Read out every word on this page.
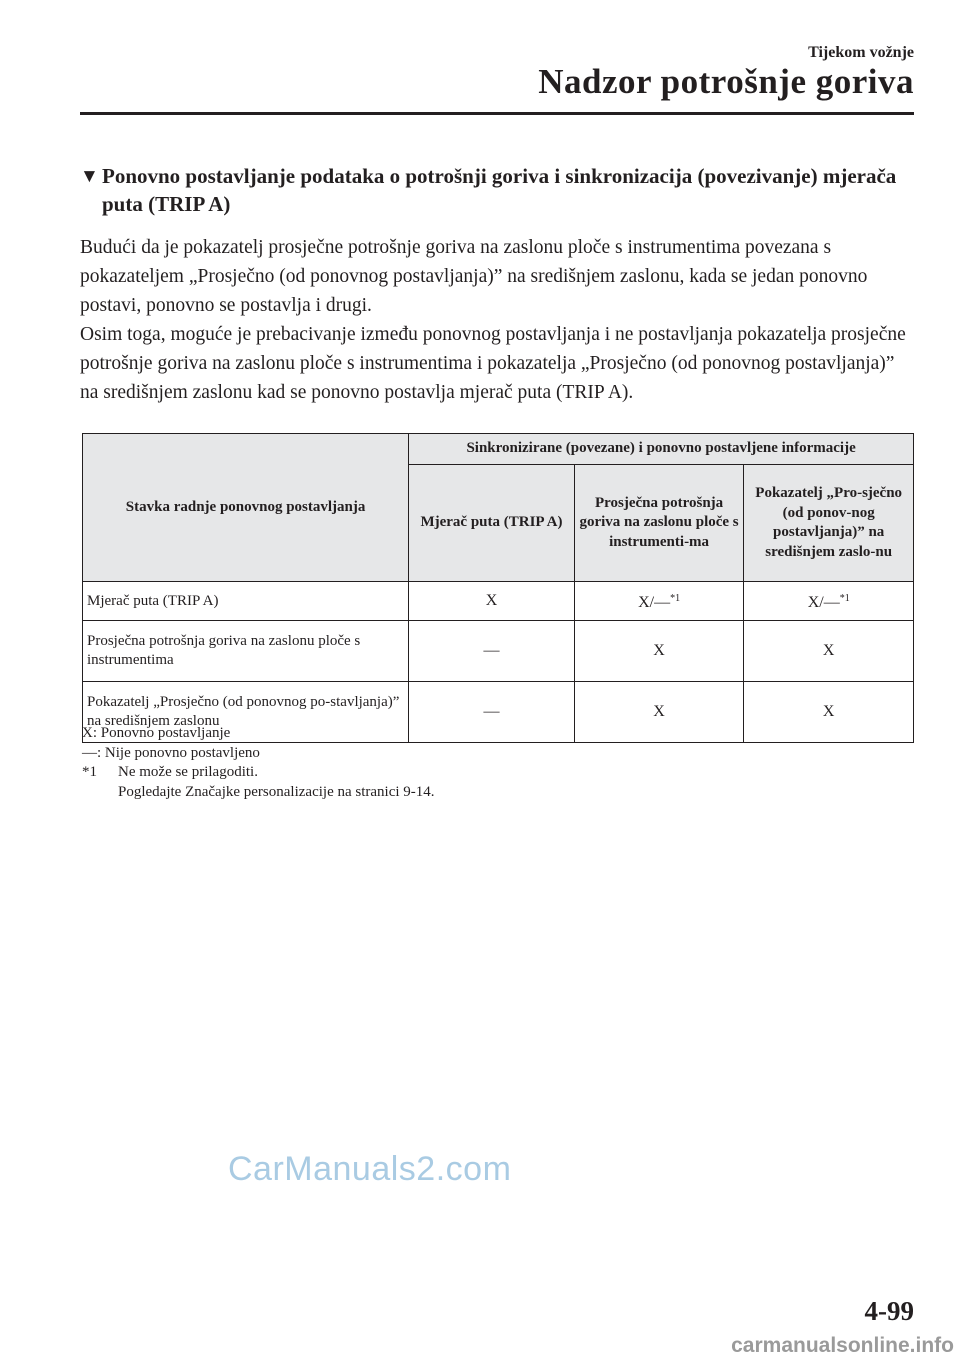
Tijekom vožnje
Nadzor potrošnje goriva
▼ Ponovno postavljanje podataka o potrošnji goriva i sinkronizacija (povezivanje) mjerača puta (TRIP A)

Budući da je pokazatelj prosječne potrošnje goriva na zaslonu ploče s instrumentima povezana s pokazateljem „Prosječno (od ponovnog postavljanja)” na središnjem zaslonu, kada se jedan ponovno postavi, ponovno se postavlja i drugi.

Osim toga, moguće je prebacivanje između ponovnog postavljanja i ne postavljanja pokazatelja prosječne potrošnje goriva na zaslonu ploče s instrumentima i pokazatelja „Prosječno (od ponovnog postavljanja)” na središnjem zaslonu kad se ponovno postavlja mjerač puta (TRIP A).

Stavka radnje ponovnog postavljanja	Sinkronizirane (povezane) i ponovno postavljene informacije		
	Mjerač puta (TRIP A)	Prosječna potrošnja goriva na zaslonu ploče s instrumenti-ma	Pokazatelj „Pro-sječno (od ponov-nog postavljanja)” na središnjem zaslo-nu
Mjerač puta (TRIP A)	X	X/—$^{*1}$	X/—$^{*1}$
Prosječna potrošnja goriva na zaslonu ploče s instrumentima	—	X	X
Pokazatelj „Prosječno (od ponovnog po-stavljanja)” na središnjem zaslonu	—	X	X
X: Ponovno postavljanje
—: Nije ponovno postavljeno
*1 Ne može se prilagoditi.
Pogledajte Značajke personalizacije na stranici 9-14.
CarManuals2.com
4-99
carmanualsonline.info
